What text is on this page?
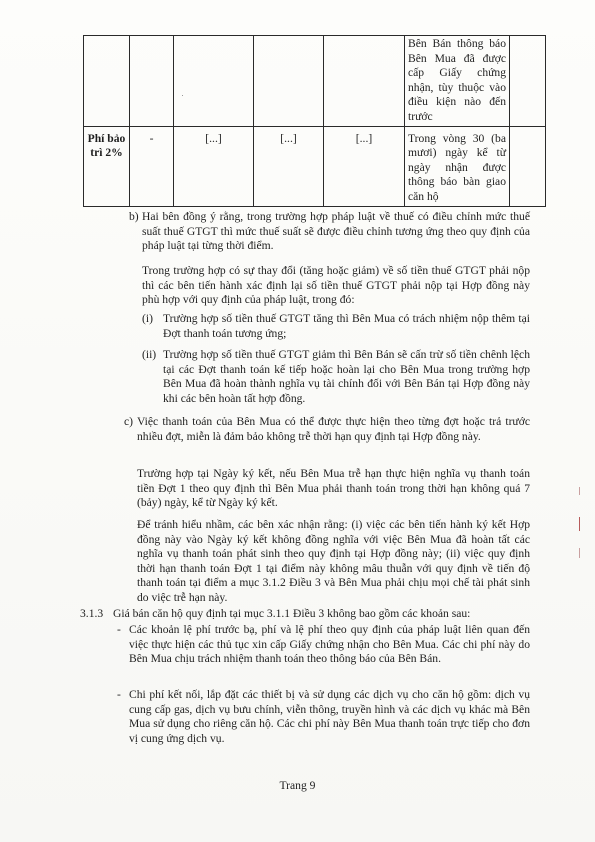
					Bên Bán thông báo Bên Mua đã được cấp Giấy chứng nhận, tùy thuộc vào điều kiện nào đến trước	
Phí bảo trì 2%	-	[...]	[...]	[...]	Trong vòng 30 (ba mươi) ngày kể từ ngày nhận được thông báo bàn giao căn hộ	
b) Hai bên đồng ý rằng, trong trường hợp pháp luật về thuế có điều chỉnh mức thuế suất thuế GTGT thì mức thuế suất sẽ được điều chỉnh tương ứng theo quy định của pháp luật tại từng thời điểm.

Trong trường hợp có sự thay đổi (tăng hoặc giảm) về số tiền thuế GTGT phải nộp thì các bên tiến hành xác định lại số tiền thuế GTGT phải nộp tại Hợp đồng này phù hợp với quy định của pháp luật, trong đó:

(i) Trường hợp số tiền thuế GTGT tăng thì Bên Mua có trách nhiệm nộp thêm tại Đợt thanh toán tương ứng;

(ii) Trường hợp số tiền thuế GTGT giảm thì Bên Bán sẽ cấn trừ số tiền chênh lệch tại các Đợt thanh toán kế tiếp hoặc hoàn lại cho Bên Mua trong trường hợp Bên Mua đã hoàn thành nghĩa vụ tài chính đối với Bên Bán tại Hợp đồng này khi các bên hoàn tất hợp đồng.

c) Việc thanh toán của Bên Mua có thể được thực hiện theo từng đợt hoặc trả trước nhiều đợt, miễn là đảm bảo không trễ thời hạn quy định tại Hợp đồng này.

Trường hợp tại Ngày ký kết, nếu Bên Mua trễ hạn thực hiện nghĩa vụ thanh toán tiền Đợt 1 theo quy định thì Bên Mua phải thanh toán trong thời hạn không quá 7 (bảy) ngày, kể từ Ngày ký kết.

Để tránh hiểu nhầm, các bên xác nhận rằng: (i) việc các bên tiến hành ký kết Hợp đồng này vào Ngày ký kết không đồng nghĩa với việc Bên Mua đã hoàn tất các nghĩa vụ thanh toán phát sinh theo quy định tại Hợp đồng này; (ii) việc quy định thời hạn thanh toán Đợt 1 tại điểm này không mâu thuẫn với quy định về tiến độ thanh toán tại điểm a mục 3.1.2 Điều 3 và Bên Mua phải chịu mọi chế tài phát sinh do việc trễ hạn này.

3.1.3 Giá bán căn hộ quy định tại mục 3.1.1 Điều 3 không bao gồm các khoản sau:

- Các khoản lệ phí trước bạ, phí và lệ phí theo quy định của pháp luật liên quan đến việc thực hiện các thủ tục xin cấp Giấy chứng nhận cho Bên Mua. Các chi phí này do Bên Mua chịu trách nhiệm thanh toán theo thông báo của Bên Bán.

- Chi phí kết nối, lắp đặt các thiết bị và sử dụng các dịch vụ cho căn hộ gồm: dịch vụ cung cấp gas, dịch vụ bưu chính, viễn thông, truyền hình và các dịch vụ khác mà Bên Mua sử dụng cho riêng căn hộ. Các chi phí này Bên Mua thanh toán trực tiếp cho đơn vị cung ứng dịch vụ.

Trang 9
